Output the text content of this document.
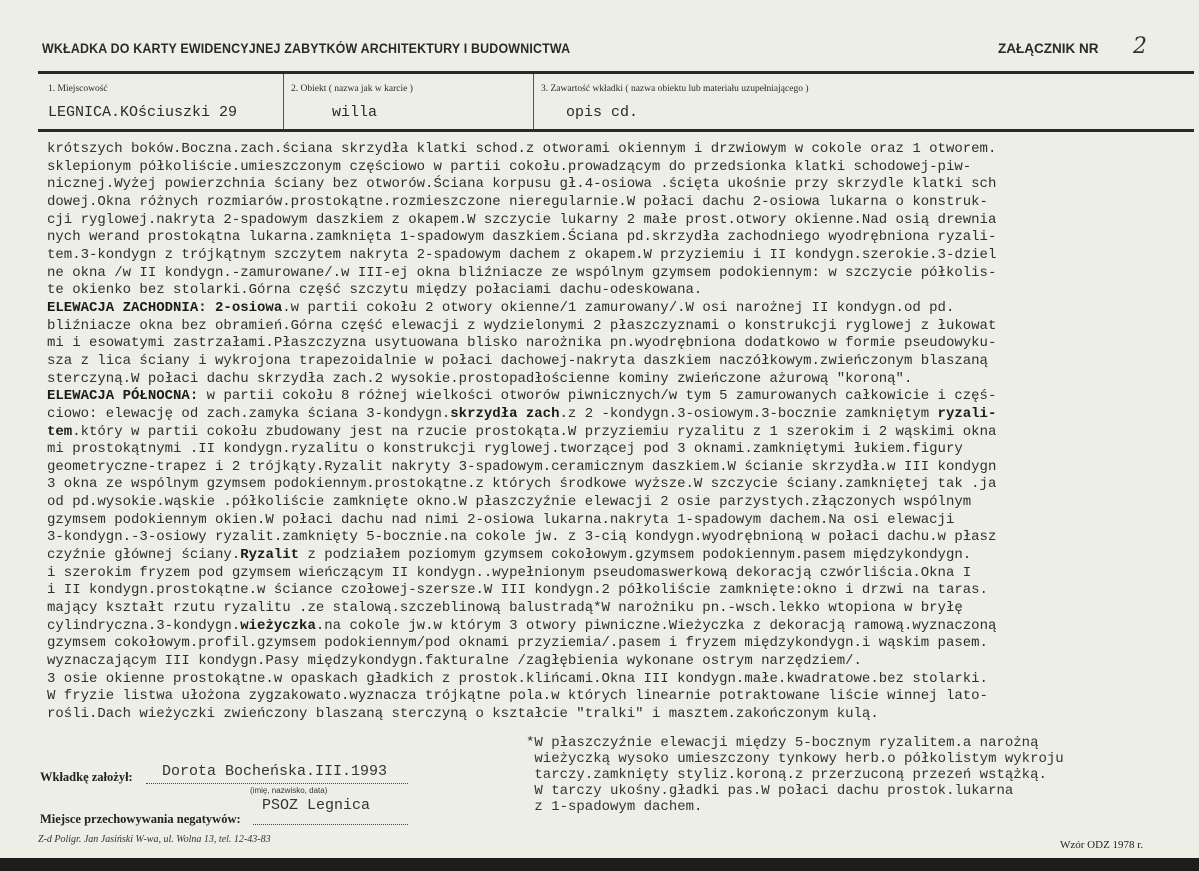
WKŁADKA DO KARTY EWIDENCYJNEJ ZABYTKÓW ARCHITEKTURY I BUDOWNICTWA	ZAŁĄCZNIK NR 2
1. Miejscowość
LEGNICA.KOściuszki 29
2. Obiekt ( nazwa jak w karcie )
willa
3. Zawartość wkładki ( nazwa obiektu lub materiału uzupełniającego )
opis cd.
krótszych boków.Boczna.zach.ściana skrzydła klatki schod.z otworami okiennym i drzwiowym w cokole oraz 1 otworem.
sklepionym półkoliście.umieszczonym częściowo w partii cokołu.prowadzącym do przedsionka klatki schodowej-piw-
nicznej.Wyżej powierzchnia ściany bez otworów.Ściana korpusu gł.4-osiowa .ścięta ukośnie przy skrzydle klatki sch
dowej.Okna różnych rozmiarów.prostokątne.rozmieszczone nieregularnie.W połaci dachu 2-osiowa lukarna o konstruk-
cji ryglowej.nakryta 2-spadowym daszkiem z okapem.W szczycie lukarny 2 małe prost.otwory okienne.Nad osią drewnia
nych werand prostokątna lukarna.zamknięta 1-spadowym daszkiem.Ściana pd.skrzydła zachodniego wyodrębniona ryzali-
tem.3-kondygn z trójkątnym szczytem nakryta 2-spadowym dachem z okapem.W przyziemiu i II kondygn.szerokie.3-dziel
ne okna /w II kondygn.-zamurowane/.w III-ej okna bliźniacze ze wspólnym gzymsem podokiennym: w szczycie półkolis-
te okienko bez stolarki.Górna część szczytu między połaciami dachu-odeskowana.
ELEWACJA ZACHODNIA: 2-osiowa.w partii cokołu 2 otwory okienne/1 zamurowany/.W osi narożnej II kondygn.od pd.
bliźniacze okna bez obramień.Górna część elewacji z wydzielonymi 2 płaszczyznami o konstrukcji ryglowej z łukowat
mi i esowatymi zastrzałami.Płaszczyzna usytuowana blisko narożnika pn.wyodrębniona dodatkowo w formie pseudowyku-
sza z lica ściany i wykrojona trapezoidalnie w połaci dachowej-nakryta daszkiem naczółkowym.zwieńczonym blaszaną
sterczyną.W połaci dachu skrzydła zach.2 wysokie.prostopadłościenne kominy zwieńczone ażurową "koroną".
ELEWACJA PÓŁNOCNA: w partii cokołu 8 różnej wielkości otworów piwnicznych/w tym 5 zamurowanych całkowicie i częś-
ciowo: elewację od zach.zamyka ściana 3-kondygn.skrzydła zach.z 2 -kondygn.3-osiowym.3-bocznie zamkniętym ryzali-
tem.który w partii cokołu zbudowany jest na rzucie prostokąta.W przyziemiu ryzalitu z 1 szerokim i 2 wąskimi okna
mi prostokątnymi .II kondygn.ryzalitu o konstrukcji ryglowej.tworzącej pod 3 oknami.zamkniętymi łukiem.figury
geometryczne-trapez i 2 trójkąty.Ryzalit nakryty 3-spadowym.ceramicznym daszkiem.W ścianie skrzydła.w III kondygn
3 okna ze wspólnym gzymsem podokiennym.prostokątne.z których środkowe wyższe.W szczycie ściany.zamkniętej tak .ja
od pd.wysokie.wąskie .półkoliście zamknięte okno.W płaszczyźnie elewacji 2 osie parzystych.złączonych wspólnym
gzymsem podokiennym okien.W połaci dachu nad nimi 2-osiowa lukarna.nakryta 1-spadowym dachem.Na osi elewacji
3-kondygn.-3-osiowy ryzalit.zamknięty 5-bocznie.na cokole jw. z 3-cią kondygn.wyodrębnioną w połaci dachu.w płasz
czyźnie głównej ściany.Ryzalit z podziałem poziomym gzymsem cokołowym.gzymsem podokiennym.pasem międzykondygn.
i szerokim fryzem pod gzymsem wieńczącym II kondygn..wypełnionym pseudomaswerkową dekoracją czwórliścia.Okna I
i II kondygn.prostokątne.w ściance czołowej-szersze.W III kondygn.2 półkoliście zamknięte:okno i drzwi na taras.
mający kształt rzutu ryzalitu .ze stalową.szczeblinową balustradą*W narożniku pn.-wsch.lekko wtopiona w bryłę
cylindryczna.3-kondygn.wieżyczka.na cokole jw.w którym 3 otwory piwniczne.Wieżyczka z dekoracją ramową.wyznaczoną
gzymsem cokołowym.profil.gzymsem podokiennym/pod oknami przyziemia/.pasem i fryzem międzykondygn.i wąskim pasem.
wyznaczającym III kondygn.Pasy międzykondygn.fakturalne /zagłębienia wykonane ostrym narzędziem/.
3 osie okienne prostokątne.w opaskach gładkich z prostok.klińcami.Okna III kondygn.małe.kwadratowe.bez stolarki.
W fryzie listwa ułożona zygzakowato.wyznacza trójkątne pola.w których linearnie potraktowane liście winnej lato-
rośli.Dach wieżyczki zwieńczony blaszaną sterczyną o kształcie "tralki" i masztem.zakończonym kulą.
*W płaszczyźnie elewacji między 5-bocznym ryzalitem.a narożną
wieżyczką wysoko umieszczony tynkowy herb.o półkolistym wykroju
tarczy.zamknięty styliz.koroną.z przerzuconą przezeń wstążką.
W tarczy ukośny.gładki pas.W połaci dachu prostok.lukarna
z 1-spadowym dachem.
Wkładkę założył: Dorota Bocheńska.III.1993
(imię, nazwisko, data)
PSOZ Legnica
Miejsce przechowywania negatywów:
Z-d Poligr. Jan Jasiński W-wa, ul. Wolna 13, tel. 12-43-83	Wzór ODZ 1978 r.
